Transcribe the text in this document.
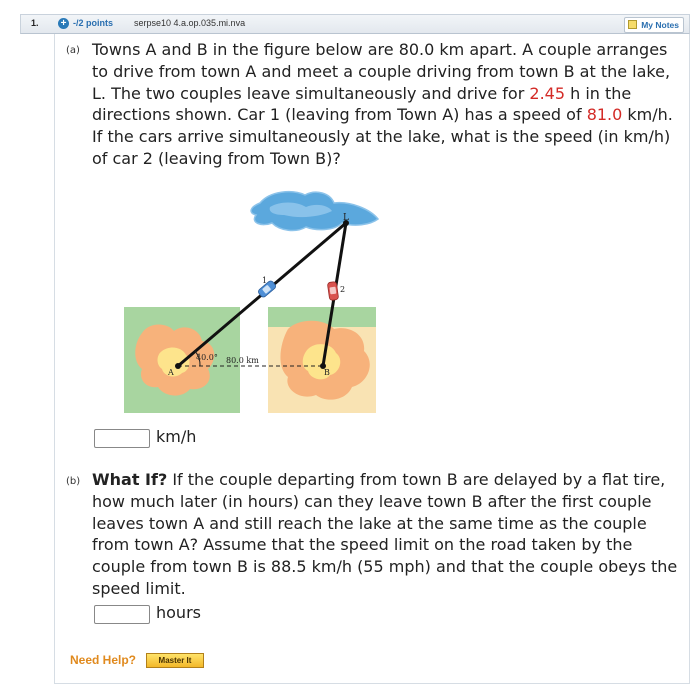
1. + -/2 points serpse10 4.a.op.035.mi.nva	My Notes
(a) Towns A and B in the figure below are 80.0 km apart. A couple arranges
to drive from town A and meet a couple driving from town B at the lake,
L. The two couples leave simultaneously and drive for 2.45 h in the
directions shown. Car 1 (leaving from Town A) has a speed of 81.0 km/h.
If the cars arrive simultaneously at the lake, what is the speed (in km/h)
of car 2 (leaving from Town B)?
L
1
2
40.0° 80.0 km
A	B
km/h
(b) What If? If the couple departing from town B are delayed by a flat tire,
how much later (in hours) can they leave town B after the first couple
leaves town A and still reach the lake at the same time as the couple
from town A? Assume that the speed limit on the road taken by the
couple from town B is 88.5 km/h (55 mph) and that the couple obeys the
speed limit.
hours
Need Help?	Master It
